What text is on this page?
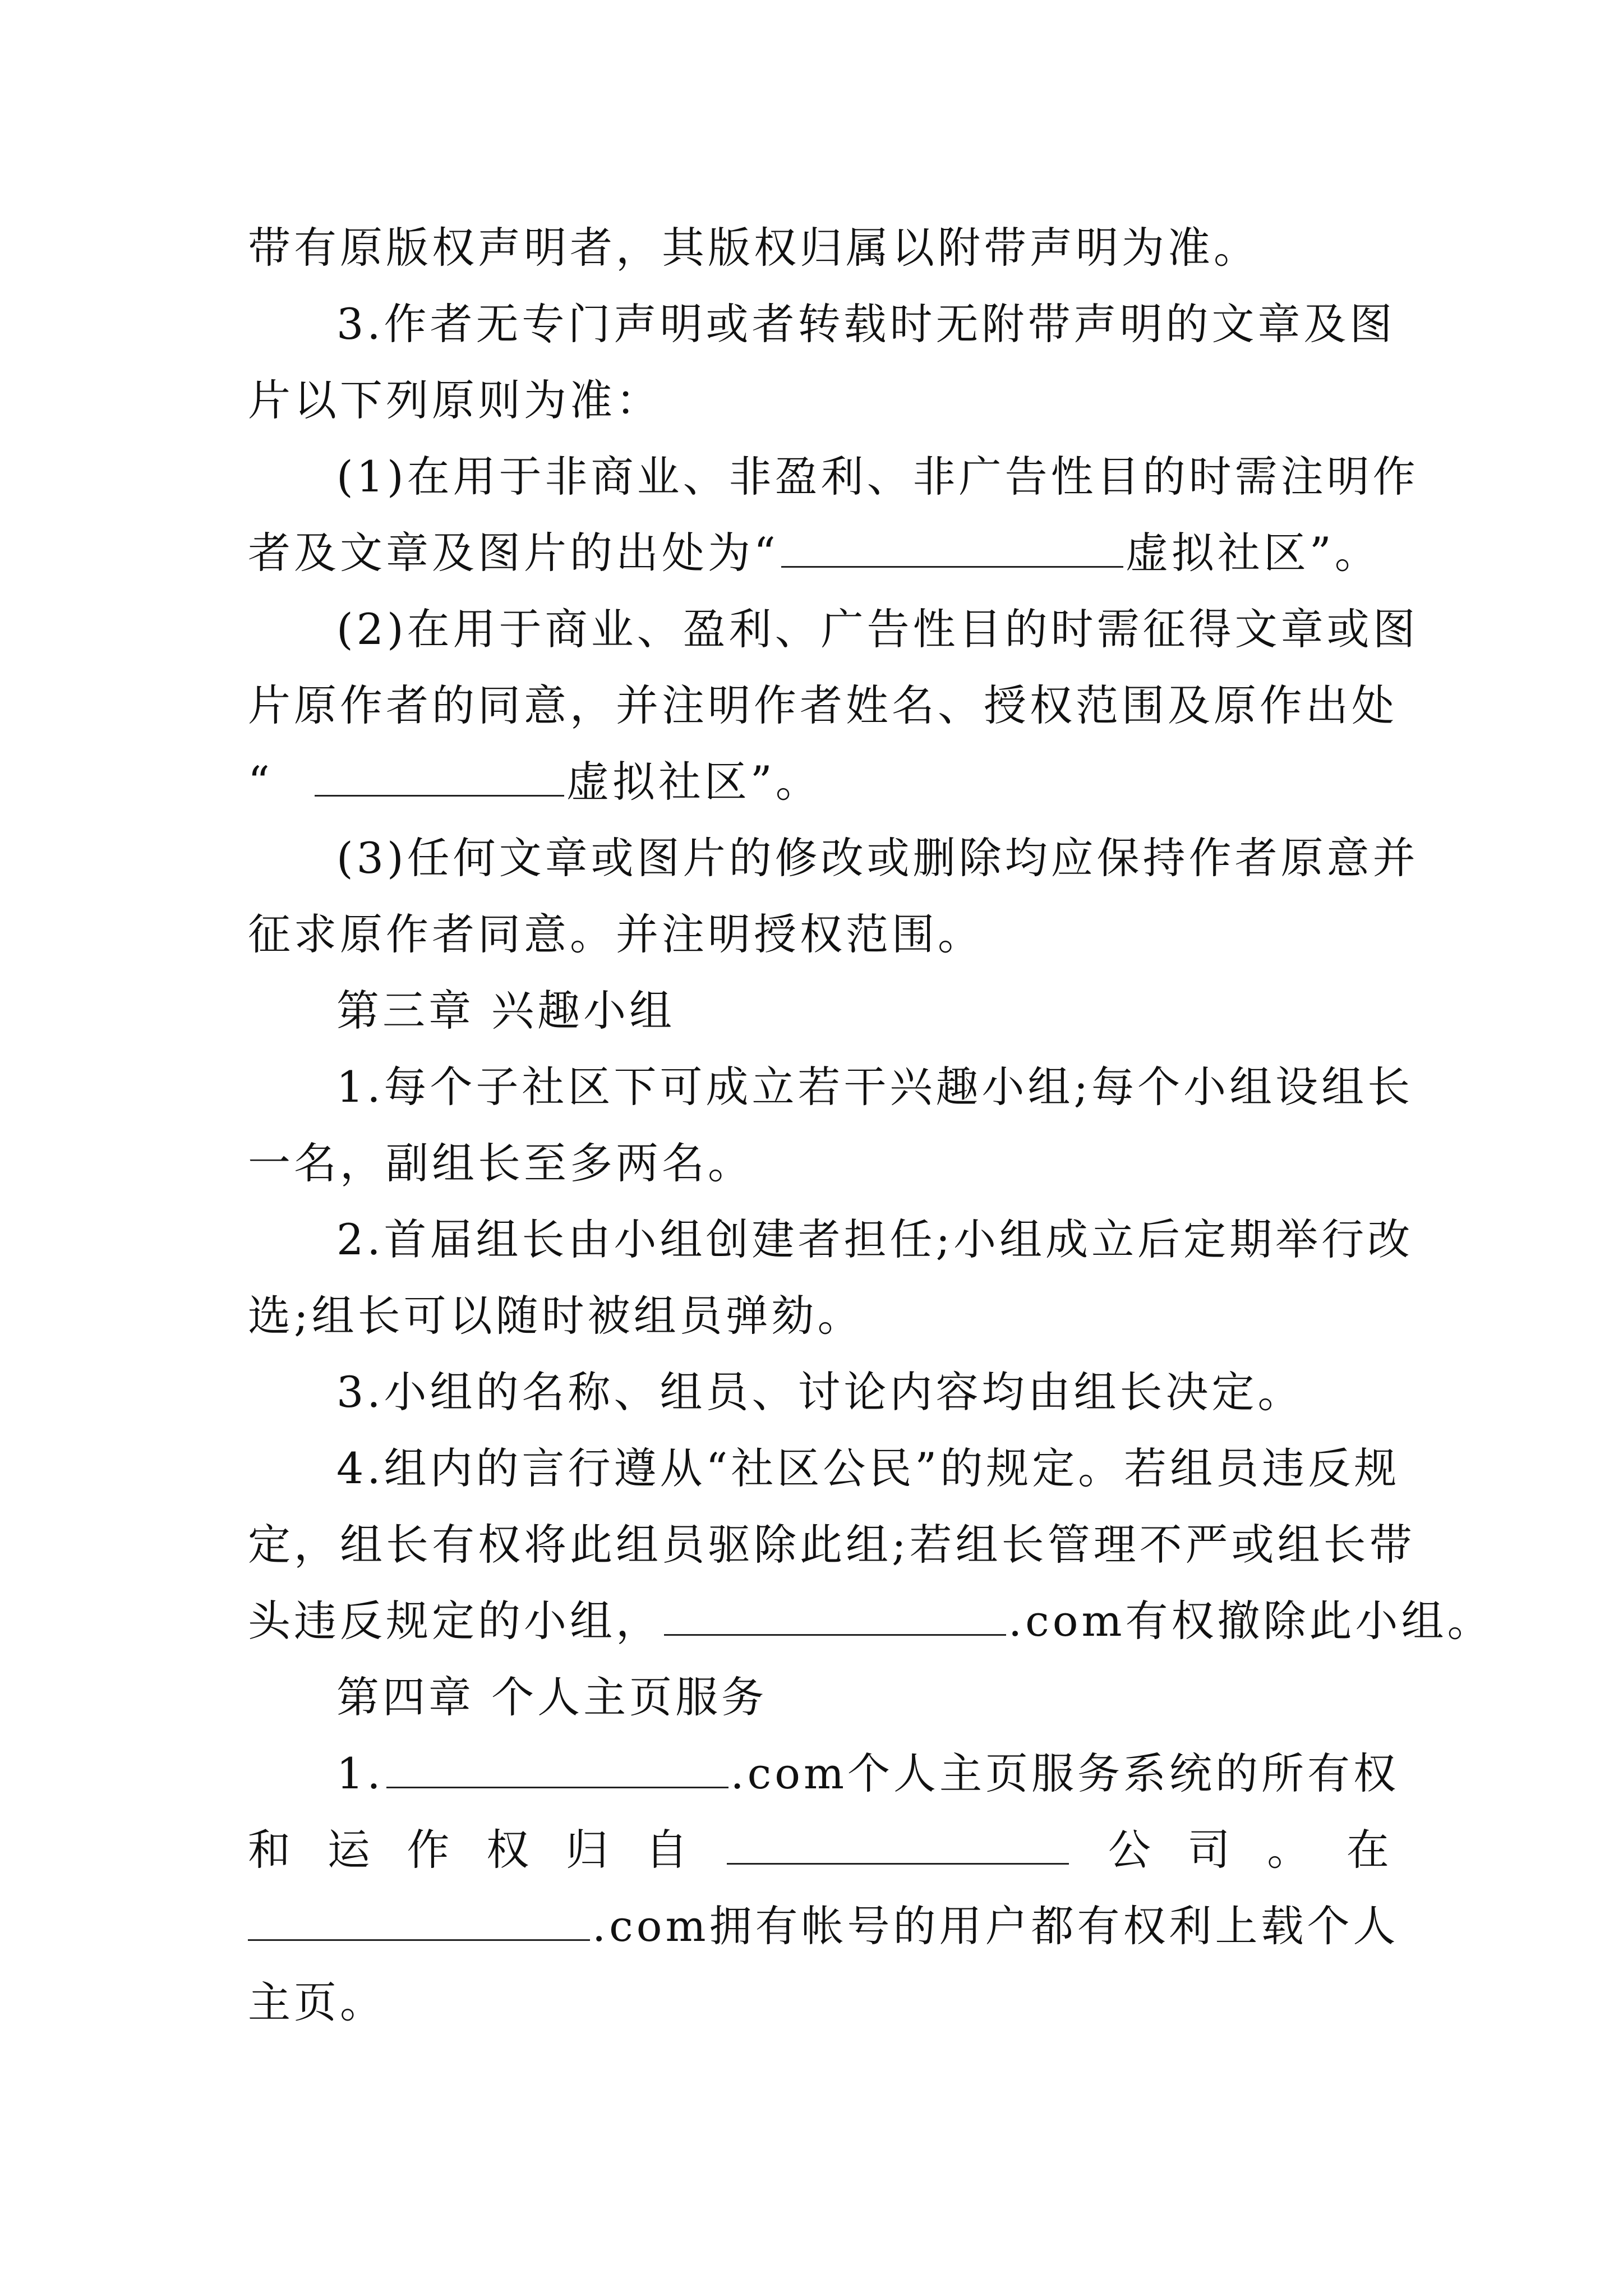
带有原版权声明者，其版权归属以附带声明为准。
3.作者无专门声明或者转载时无附带声明的文章及图
片以下列原则为准：
(1)在用于非商业、非盈利、非广告性目的时需注明作
者及文章及图片的出处为“	虚拟社区”。
(2)在用于商业、盈利、广告性目的时需征得文章或图
片原作者的同意，并注明作者姓名、授权范围及原作出处
“	虚拟社区”。
(3)任何文章或图片的修改或删除均应保持作者原意并
征求原作者同意。并注明授权范围。
第三章 兴趣小组
1.每个子社区下可成立若干兴趣小组;每个小组设组长
一名，副组长至多两名。
2.首届组长由小组创建者担任;小组成立后定期举行改
选;组长可以随时被组员弹劾。
3.小组的名称、组员、讨论内容均由组长决定。
4.组内的言行遵从“社区公民”的规定。若组员违反规
定，组长有权将此组员驱除此组;若组长管理不严或组长带
头违反规定的小组，	.com有权撤除此小组。
第四章 个人主页服务
1.	.com个人主页服务系统的所有权
和 运 作 权 归 自	公 司 。 在
.com拥有帐号的用户都有权利上载个人
主页。
